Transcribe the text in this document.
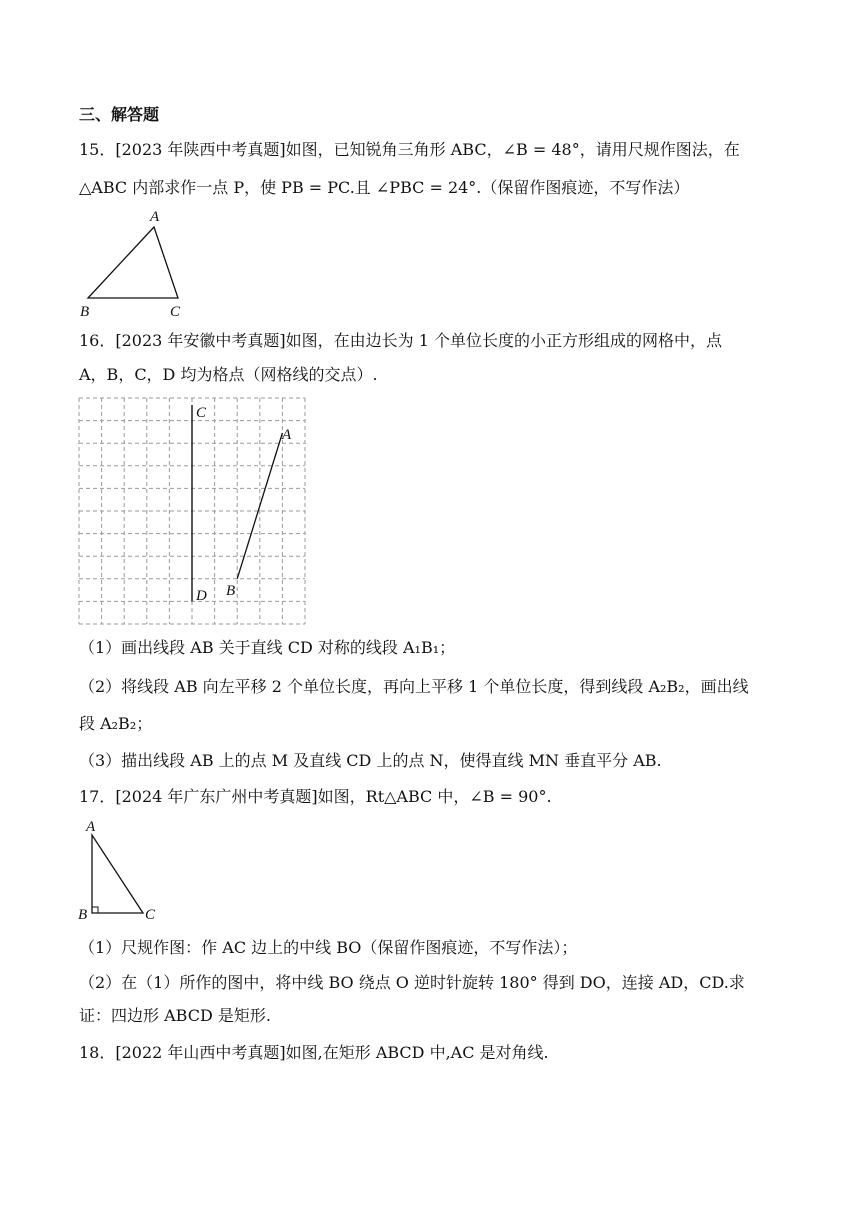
三、解答题
15．[2023 年陕西中考真题]如图，已知锐角三角形 ABC，∠B = 48°，请用尺规作图法，在
△ABC 内部求作一点 P，使 PB = PC.且 ∠PBC = 24°.（保留作图痕迹，不写作法）
A
B	C
16．[2023 年安徽中考真题]如图，在由边长为 1 个单位长度的小正方形组成的网格中，点
A，B，C，D 均为格点（网格线的交点）.
C
A
B
D
（1）画出线段 AB 关于直线 CD 对称的线段 A₁B₁；
（2）将线段 AB 向左平移 2 个单位长度，再向上平移 1 个单位长度，得到线段 A₂B₂，画出线
段 A₂B₂；
（3）描出线段 AB 上的点 M 及直线 CD 上的点 N，使得直线 MN 垂直平分 AB.
17．[2024 年广东广州中考真题]如图，Rt△ABC 中，∠B = 90°.
A
B	C
（1）尺规作图：作 AC 边上的中线 BO（保留作图痕迹，不写作法）；
（2）在（1）所作的图中，将中线 BO 绕点 O 逆时针旋转 180° 得到 DO，连接 AD，CD.求
证：四边形 ABCD 是矩形.
18．[2022 年山西中考真题]如图,在矩形 ABCD 中,AC 是对角线.
